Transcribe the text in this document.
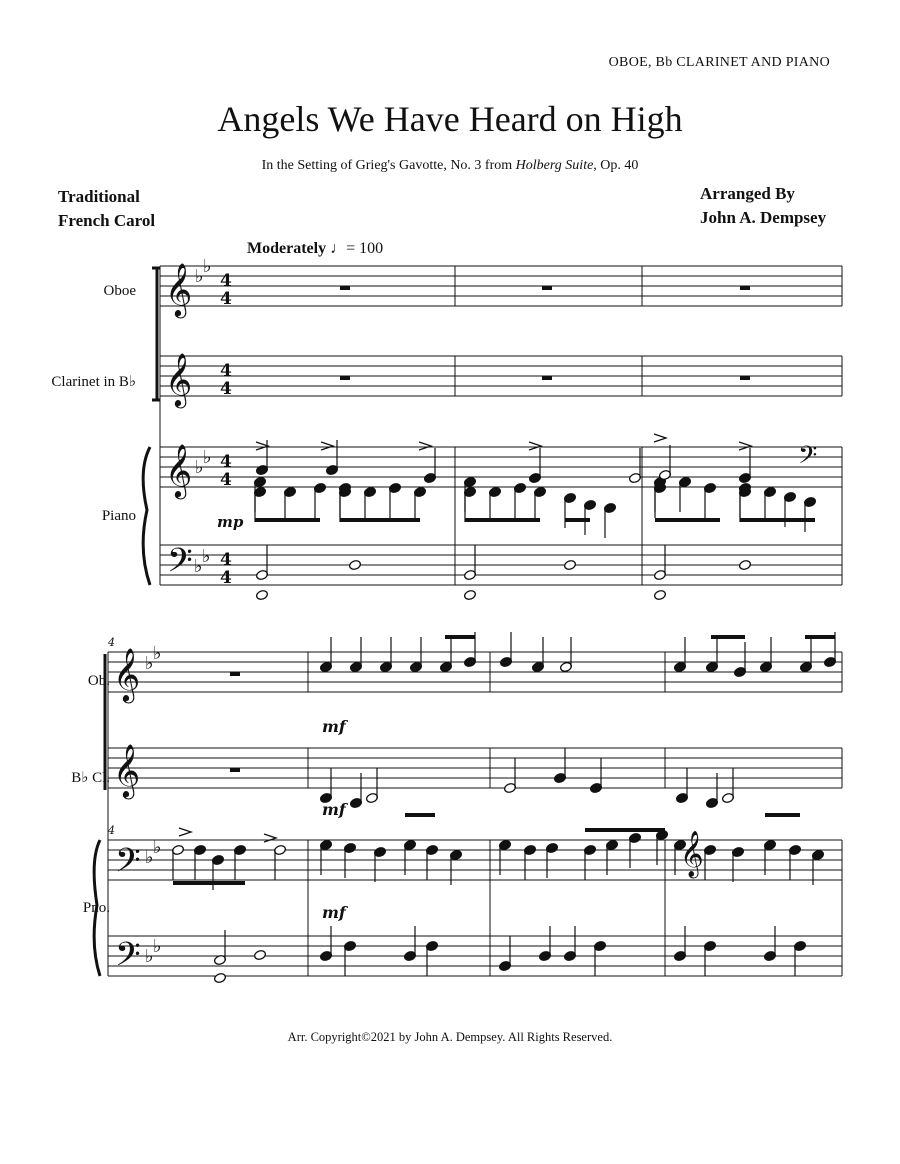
OBOE, Bb CLARINET AND PIANO
Angels We Have Heard on High
In the Setting of Grieg's Gavotte, No. 3 from Holberg Suite, Op. 40
Traditional
French Carol
Arranged By
John A. Dempsey
Moderately ♩= 100
Oboe
Clarinet in B♭
Piano
Ob.
B♭ Cl.
Pno.
Arr. Copyright©2021 by John A. Dempsey. All Rights Reserved.
𝄞
𝄞
𝄞
𝄢
♭ ♭
♭ ♭
♭ ♭
4
4
4
4
4
4
4
4
𝄢
mp
4
4
𝄞
𝄞
𝄢
𝄢
♭ ♭
♭ ♭
♭ ♭
𝄞
mf
mf
mf
